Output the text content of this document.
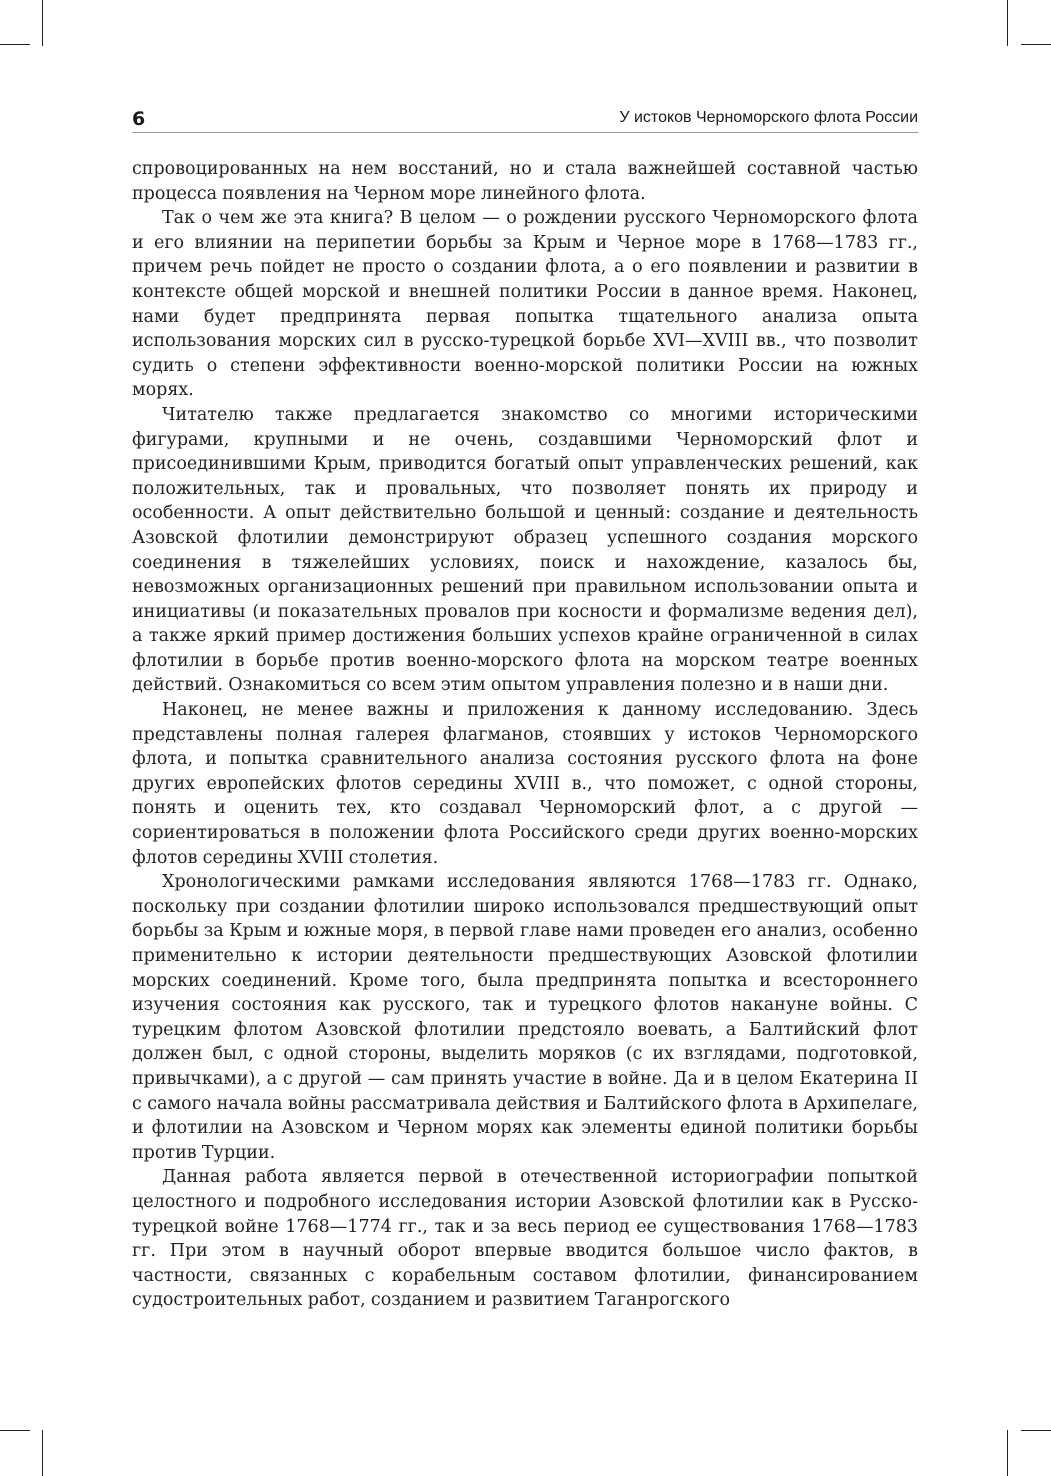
6	У истоков Черноморского флота России

спровоцированных на нем восстаний, но и стала важнейшей составной частью процесса появления на Черном море линейного флота.

Так о чем же эта книга? В целом — о рождении русского Черноморского флота и его влиянии на перипетии борьбы за Крым и Черное море в 1768—1783 гг., причем речь пойдет не просто о создании флота, а о его появлении и развитии в контексте общей морской и внешней политики России в данное время. Наконец, нами будет предпринята первая попытка тщательного анализа опыта использования морских сил в русско-турецкой борьбе XVI—XVIII вв., что позволит судить о степени эффективности военно-морской политики России на южных морях.

Читателю также предлагается знакомство со многими историческими фигурами, крупными и не очень, создавшими Черноморский флот и присоединившими Крым, приводится богатый опыт управленческих решений, как положительных, так и провальных, что позволяет понять их природу и особенности. А опыт действительно большой и ценный: создание и деятельность Азовской флотилии демонстрируют образец успешного создания морского соединения в тяжелейших условиях, поиск и нахождение, казалось бы, невозможных организационных решений при правильном использовании опыта и инициативы (и показательных провалов при косности и формализме ведения дел), а также яркий пример достижения больших успехов крайне ограниченной в силах флотилии в борьбе против военно-морского флота на морском театре военных действий. Ознакомиться со всем этим опытом управления полезно и в наши дни.

Наконец, не менее важны и приложения к данному исследованию. Здесь представлены полная галерея флагманов, стоявших у истоков Черноморского флота, и попытка сравнительного анализа состояния русского флота на фоне других европейских флотов середины XVIII в., что поможет, с одной стороны, понять и оценить тех, кто создавал Черноморский флот, а с другой — сориентироваться в положении флота Российского среди других военно-морских флотов середины XVIII столетия.

Хронологическими рамками исследования являются 1768—1783 гг. Однако, поскольку при создании флотилии широко использовался предшествующий опыт борьбы за Крым и южные моря, в первой главе нами проведен его анализ, особенно применительно к истории деятельности предшествующих Азовской флотилии морских соединений. Кроме того, была предпринята попытка и всестороннего изучения состояния как русского, так и турецкого флотов накануне войны. С турецким флотом Азовской флотилии предстояло воевать, а Балтийский флот должен был, с одной стороны, выделить моряков (с их взглядами, подготовкой, привычками), а с другой — сам принять участие в войне. Да и в целом Екатерина II с самого начала войны рассматривала действия и Балтийского флота в Архипелаге, и флотилии на Азовском и Черном морях как элементы единой политики борьбы против Турции.

Данная работа является первой в отечественной историографии попыткой целостного и подробного исследования истории Азовской флотилии как в Русско-турецкой войне 1768—1774 гг., так и за весь период ее существования 1768—1783 гг. При этом в научный оборот впервые вводится большое число фактов, в частности, связанных с корабельным составом флотилии, финансированием судостроительных работ, созданием и развитием Таганрогского
